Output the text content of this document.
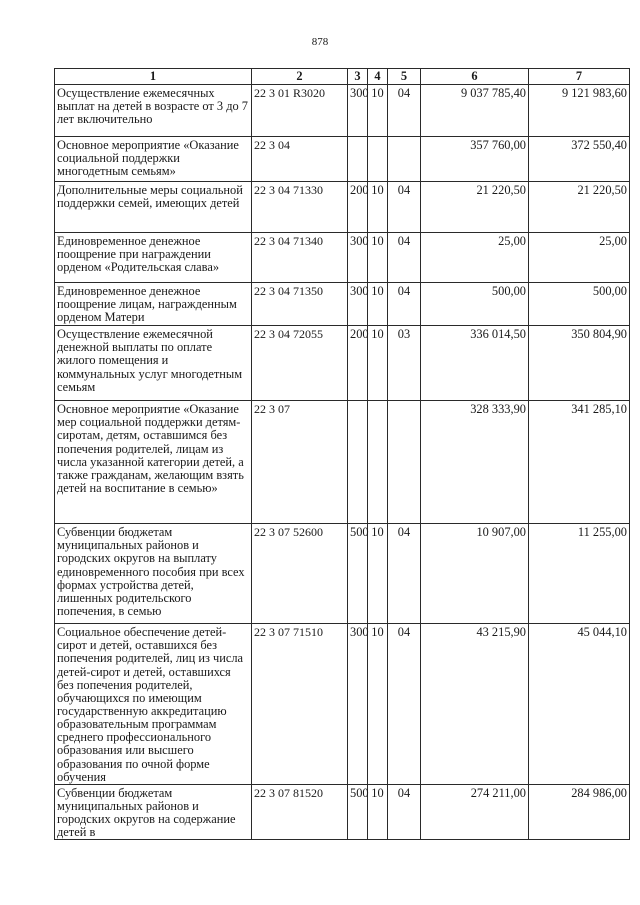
878
1	2	3	4	5	6	7
Осуществление ежемесячных выплат на детей в возрасте от 3 до 7 лет включительно	22 3 01 R3020	300	10	04	9 037 785,40	9 121 983,60
Основное мероприятие «Оказание социальной поддержки многодетным семьям»	22 3 04				357 760,00	372 550,40
Дополнительные меры социальной поддержки семей, имеющих детей	22 3 04 71330	200	10	04	21 220,50	21 220,50
Единовременное денежное поощрение при награждении орденом «Родительская слава»	22 3 04 71340	300	10	04	25,00	25,00
Единовременное денежное поощрение лицам, награжденным орденом Матери	22 3 04 71350	300	10	04	500,00	500,00
Осуществление ежемесячной денежной выплаты по оплате жилого помещения и коммунальных услуг многодетным семьям	22 3 04 72055	200	10	03	336 014,50	350 804,90
Основное мероприятие «Оказание мер социальной поддержки детям-сиротам, детям, оставшимся без попечения родителей, лицам из числа указанной категории детей, а также гражданам, желающим взять детей на воспитание в семью»	22 3 07				328 333,90	341 285,10
Субвенции бюджетам муниципальных районов и городских округов на выплату единовременного пособия при всех формах устройства детей, лишенных родительского попечения, в семью	22 3 07 52600	500	10	04	10 907,00	11 255,00
Социальное обеспечение детей-сирот и детей, оставшихся без попечения родителей, лиц из числа детей-сирот и детей, оставшихся без попечения родителей, обучающихся по имеющим государственную аккредитацию образовательным программам среднего профессионального образования или высшего образования по очной форме обучения	22 3 07 71510	300	10	04	43 215,90	45 044,10
Субвенции бюджетам муниципальных районов и городских округов на содержание детей в	22 3 07 81520	500	10	04	274 211,00	284 986,00
